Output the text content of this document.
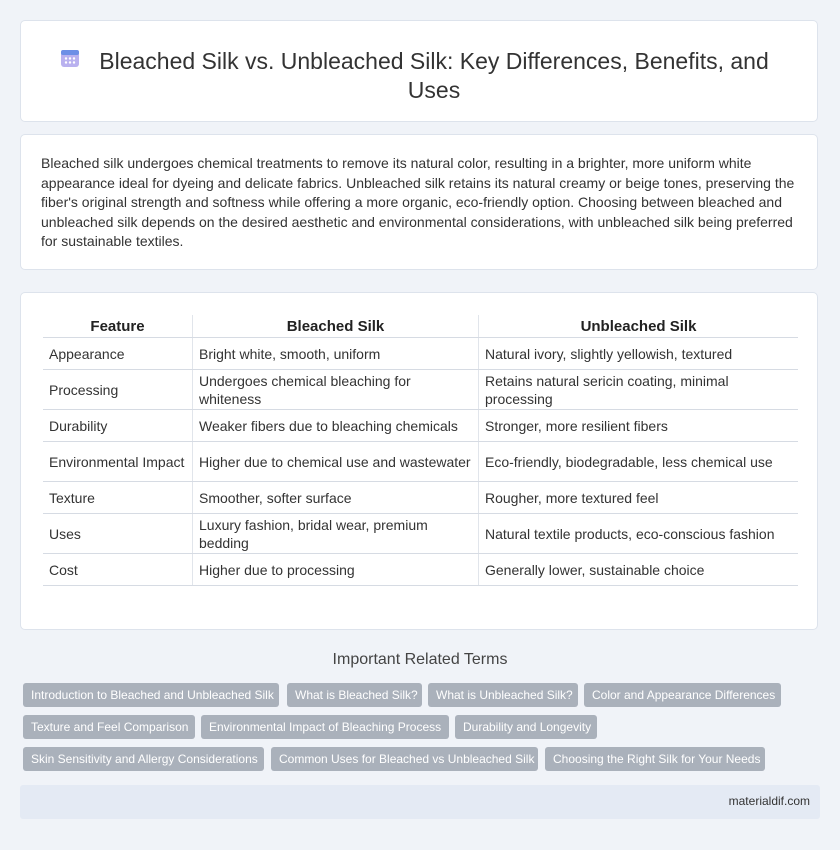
Bleached Silk vs. Unbleached Silk: Key Differences, Benefits, and Uses

Bleached silk undergoes chemical treatments to remove its natural color, resulting in a brighter, more uniform white appearance ideal for dyeing and delicate fabrics. Unbleached silk retains its natural creamy or beige tones, preserving the fiber's original strength and softness while offering a more organic, eco-friendly option. Choosing between bleached and unbleached silk depends on the desired aesthetic and environmental considerations, with unbleached silk being preferred for sustainable textiles.

Feature	Bleached Silk	Unbleached Silk
Appearance	Bright white, smooth, uniform	Natural ivory, slightly yellowish, textured
Processing	Undergoes chemical bleaching for whiteness	Retains natural sericin coating, minimal processing
Durability	Weaker fibers due to bleaching chemicals	Stronger, more resilient fibers
Environmental Impact	Higher due to chemical use and wastewater	Eco-friendly, biodegradable, less chemical use
Texture	Smoother, softer surface	Rougher, more textured feel
Uses	Luxury fashion, bridal wear, premium bedding	Natural textile products, eco-conscious fashion
Cost	Higher due to processing	Generally lower, sustainable choice
Important Related Terms
Introduction to Bleached and Unbleached Silk	What is Bleached Silk?	What is Unbleached Silk?	Color and Appearance Differences
Texture and Feel Comparison	Environmental Impact of Bleaching Process	Durability and Longevity
Skin Sensitivity and Allergy Considerations	Common Uses for Bleached vs Unbleached Silk	Choosing the Right Silk for Your Needs
materialdif.com
